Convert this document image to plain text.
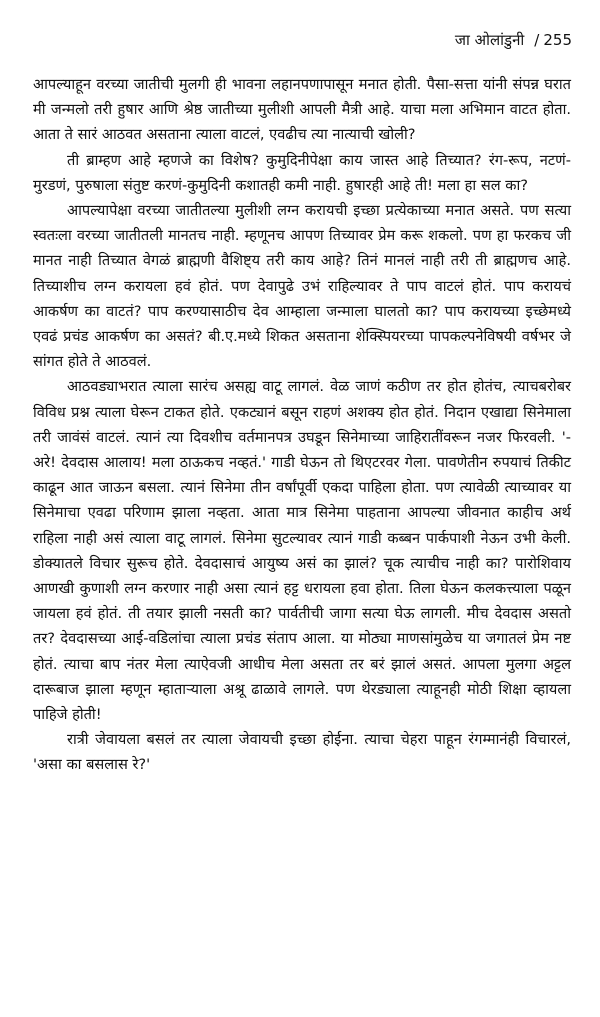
जा ओलांडुनी / 255

आपल्याहून वरच्या जातीची मुलगी ही भावना लहानपणापासून मनात होती. पैसा-सत्ता यांनी संपन्न घरात मी जन्मलो तरी हुषार आणि श्रेष्ठ जातीच्या मुलीशी आपली मैत्री आहे. याचा मला अभिमान वाटत होता. आता ते सारं आठवत असताना त्याला वाटलं, एवढीच त्या नात्याची खोली?

ती ब्राम्हण आहे म्हणजे का विशेष? कुमुदिनीपेक्षा काय जास्त आहे तिच्यात? रंग-रूप, नटणं-मुरडणं, पुरुषाला संतुष्ट करणं-कुमुदिनी कशातही कमी नाही. हुषारही आहे ती! मला हा सल का?

आपल्यापेक्षा वरच्या जातीतल्या मुलीशी लग्न करायची इच्छा प्रत्येकाच्या मनात असते. पण सत्या स्वतःला वरच्या जातीतली मानतच नाही. म्हणूनच आपण तिच्यावर प्रेम करू शकलो. पण हा फरकच जी मानत नाही तिच्यात वेगळं ब्राह्मणी वैशिष्ट्य तरी काय आहे? तिनं मानलं नाही तरी ती ब्राह्मणच आहे. तिच्याशीच लग्न करायला हवं होतं. पण देवापुढे उभं राहिल्यावर ते पाप वाटलं होतं. पाप करायचं आकर्षण का वाटतं? पाप करण्यासाठीच देव आम्हाला जन्माला घालतो का? पाप करायच्या इच्छेमध्ये एवढं प्रचंड आकर्षण का असतं? बी.ए.मध्ये शिकत असताना शेक्स्पियरच्या पापकल्पनेविषयी वर्षभर जे सांगत होते ते आठवलं.

आठवड्याभरात त्याला सारंच असह्य वाटू लागलं. वेळ जाणं कठीण तर होत होतंच, त्याचबरोबर विविध प्रश्न त्याला घेरून टाकत होते. एकट्यानं बसून राहणं अशक्य होत होतं. निदान एखाद्या सिनेमाला तरी जावंसं वाटलं. त्यानं त्या दिवशीच वर्तमानपत्र उघडून सिनेमाच्या जाहिरातींवरून नजर फिरवली. '-अरे! देवदास आलाय! मला ठाऊकच नव्हतं.' गाडी घेऊन तो थिएटरवर गेला. पावणेतीन रुपयाचं तिकीट काढून आत जाऊन बसला. त्यानं सिनेमा तीन वर्षांपूर्वी एकदा पाहिला होता. पण त्यावेळी त्याच्यावर या सिनेमाचा एवढा परिणाम झाला नव्हता. आता मात्र सिनेमा पाहताना आपल्या जीवनात काहीच अर्थ राहिला नाही असं त्याला वाटू लागलं. सिनेमा सुटल्यावर त्यानं गाडी कब्बन पार्कपाशी नेऊन उभी केली. डोक्यातले विचार सुरूच होते. देवदासाचं आयुष्य असं का झालं? चूक त्याचीच नाही का? पारोशिवाय आणखी कुणाशी लग्न करणार नाही असा त्यानं हट्ट धरायला हवा होता. तिला घेऊन कलकत्त्याला पळून जायला हवं होतं. ती तयार झाली नसती का? पार्वतीची जागा सत्या घेऊ लागली. मीच देवदास असतो तर? देवदासच्या आई-वडिलांचा त्याला प्रचंड संताप आला. या मोठ्या माणसांमुळेच या जगातलं प्रेम नष्ट होतं. त्याचा बाप नंतर मेला त्याऐवजी आधीच मेला असता तर बरं झालं असतं. आपला मुलगा अट्टल दारूबाज झाला म्हणून म्हाताऱ्याला अश्रू ढाळावे लागले. पण थेरड्याला त्याहूनही मोठी शिक्षा व्हायला पाहिजे होती!

रात्री जेवायला बसलं तर त्याला जेवायची इच्छा होईना. त्याचा चेहरा पाहून रंगम्मानंही विचारलं, 'असा का बसलास रे?'
